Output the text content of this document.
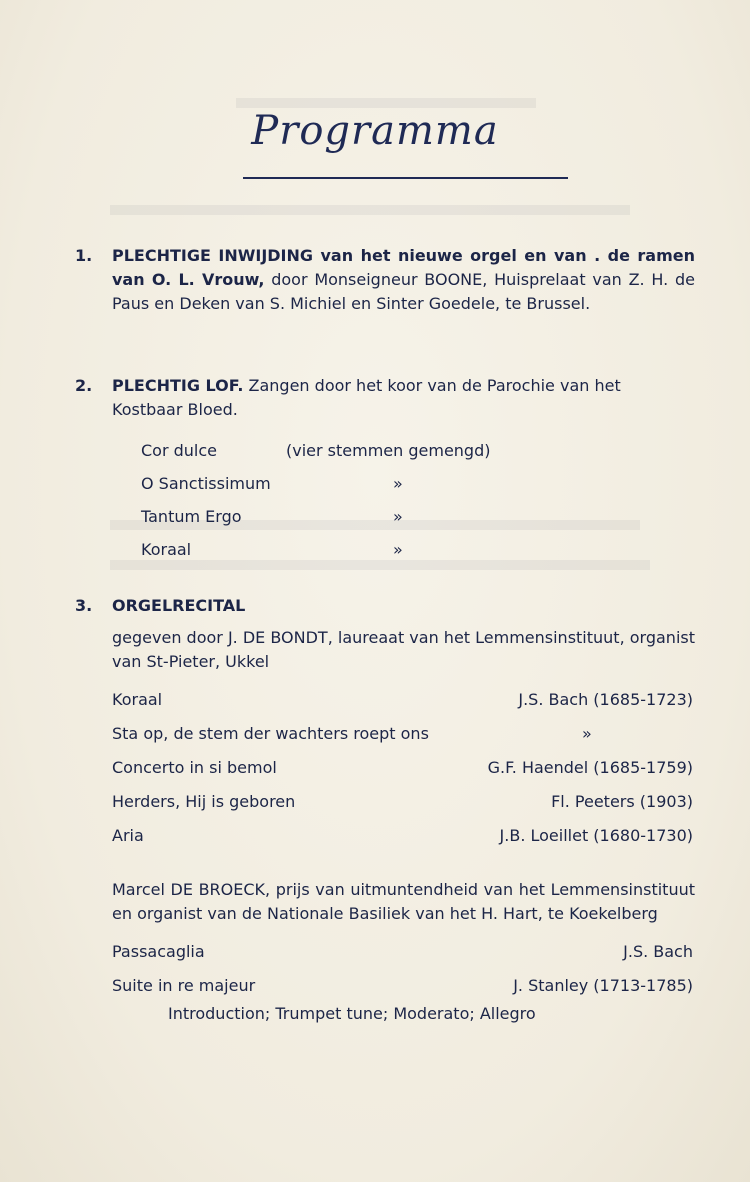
Programma
1. PLECHTIGE INWIJDING van het nieuwe orgel en van . de ramen van O. L. Vrouw, door Monseigneur BOONE, Huisprelaat van Z. H. de Paus en Deken van S. Michiel en Sinter Goedele, te Brussel.
2. PLECHTIG LOF. Zangen door het koor van de Parochie van het Kostbaar Bloed.
Cor dulce	(vier stemmen gemengd)
O Sanctissimum	»
Tantum Ergo	»
Koraal	»
3. ORGELRECITAL
gegeven door J. DE BONDT, laureaat van het Lemmensinstituut, organist van St-Pieter, Ukkel
Koraal	J.S. Bach (1685-1723)
Sta op, de stem der wachters roept ons	»
Concerto in si bemol	G.F. Haendel (1685-1759)
Herders, Hij is geboren	Fl. Peeters (1903)
Aria	J.B. Loeillet (1680-1730)
Marcel DE BROECK, prijs van uitmuntendheid van het Lemmensinstituut en organist van de Nationale Basiliek van het H. Hart, te Koekelberg
Passacaglia	J.S. Bach
Suite in re majeur	J. Stanley (1713-1785)
Introduction; Trumpet tune; Moderato; Allegro
